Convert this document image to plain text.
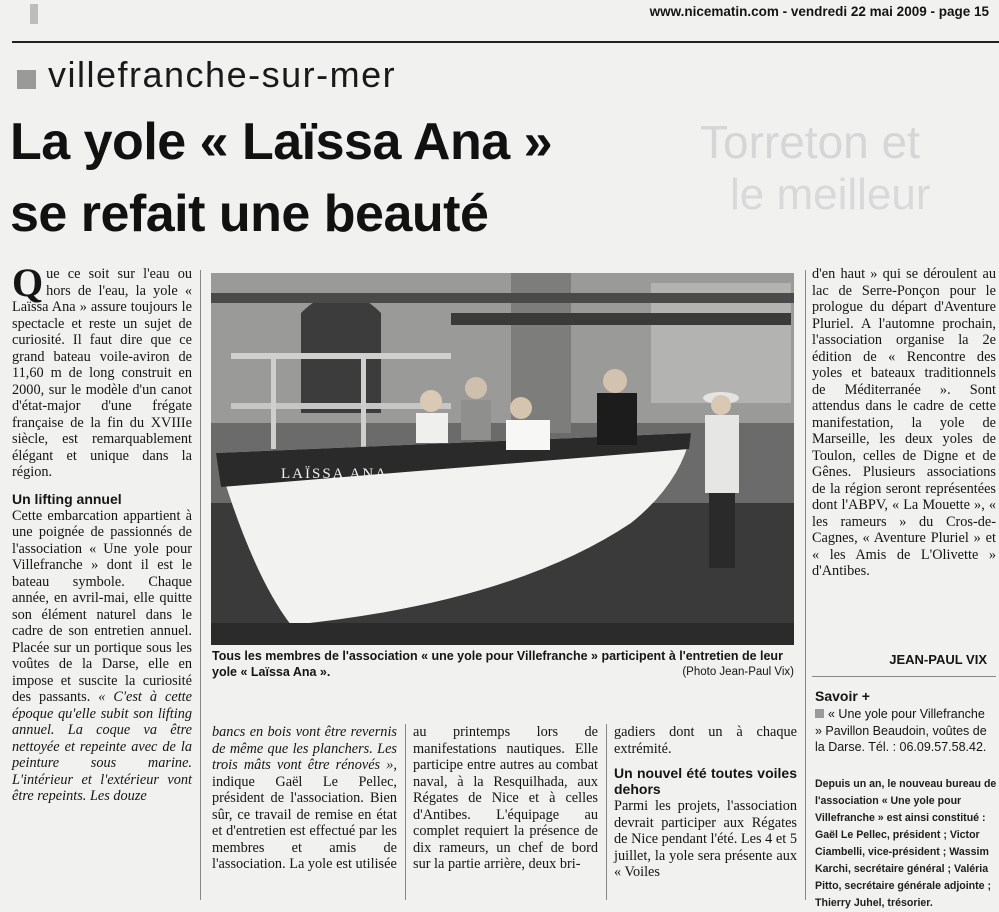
www.nicematin.com - vendredi 22 mai 2009 - page 15
villefranche-sur-mer
Torreton et
le meilleur
La yole « Laïssa Ana »
se refait une beauté

Que ce soit sur l'eau ou hors de l'eau, la yole « Laïssa Ana » assure toujours le spectacle et reste un sujet de curiosité. Il faut dire que ce grand bateau voile-aviron de 11,60 m de long construit en 2000, sur le modèle d'un canot d'état-major d'une frégate française de la fin du XVIIIe siècle, est remarquablement élégant et unique dans la région.

Un lifting annuel

Cette embarcation appartient à une poignée de passionnés de l'association « Une yole pour Villefranche » dont il est le bateau symbole. Chaque année, en avril-mai, elle quitte son élément naturel dans le cadre de son entretien annuel. Placée sur un portique sous les voûtes de la Darse, elle en impose et suscite la curiosité des passants. « C'est à cette époque qu'elle subit son lifting annuel. La coque va être nettoyée et repeinte avec de la peinture sous marine. L'intérieur et l'extérieur vont être repeints. Les douze

LAÏSSA ANA
Tous les membres de l'association « une yole pour Villefranche » participent à l'entretien de leur yole « Laïssa Ana ».	(Photo Jean-Paul Vix)

bancs en bois vont être revernis de même que les planchers. Les trois mâts vont être rénovés », indique Gaël Le Pellec, président de l'association. Bien sûr, ce travail de remise en état et d'entretien est effectué par les membres et amis de l'association. La yole est utilisée

au printemps lors de manifestations nautiques. Elle participe entre autres au combat naval, à la Resquilhada, aux Régates de Nice et à celles d'Antibes. L'équipage au complet requiert la présence de dix rameurs, un chef de bord sur la partie arrière, deux bri-

gadiers dont un à chaque extrémité.

Un nouvel été toutes voiles dehors

Parmi les projets, l'association devrait participer aux Régates de Nice pendant l'été. Les 4 et 5 juillet, la yole sera présente aux « Voiles

d'en haut » qui se déroulent au lac de Serre-Ponçon pour le prologue du départ d'Aventure Pluriel. A l'automne prochain, l'association organise la 2e édition de « Rencontre des yoles et bateaux traditionnels de Méditerranée ». Sont attendus dans le cadre de cette manifestation, la yole de Marseille, les deux yoles de Toulon, celles de Digne et de Gênes. Plusieurs associations de la région seront représentées dont l'ABPV, « La Mouette », « les rameurs » du Cros-de-Cagnes, « Aventure Pluriel » et « les Amis de L'Olivette » d'Antibes.

JEAN-PAUL VIX
Savoir +
« Une yole pour Villefranche » Pavillon Beaudoin, voûtes de la Darse. Tél. : 06.09.57.58.42.
Depuis un an, le nouveau bureau de l'association « Une yole pour Villefranche » est ainsi constitué : Gaël Le Pellec, président ; Victor Ciambelli, vice-président ; Wassim Karchi, secrétaire général ; Valéria Pitto, secrétaire générale adjointe ; Thierry Juhel, trésorier.
